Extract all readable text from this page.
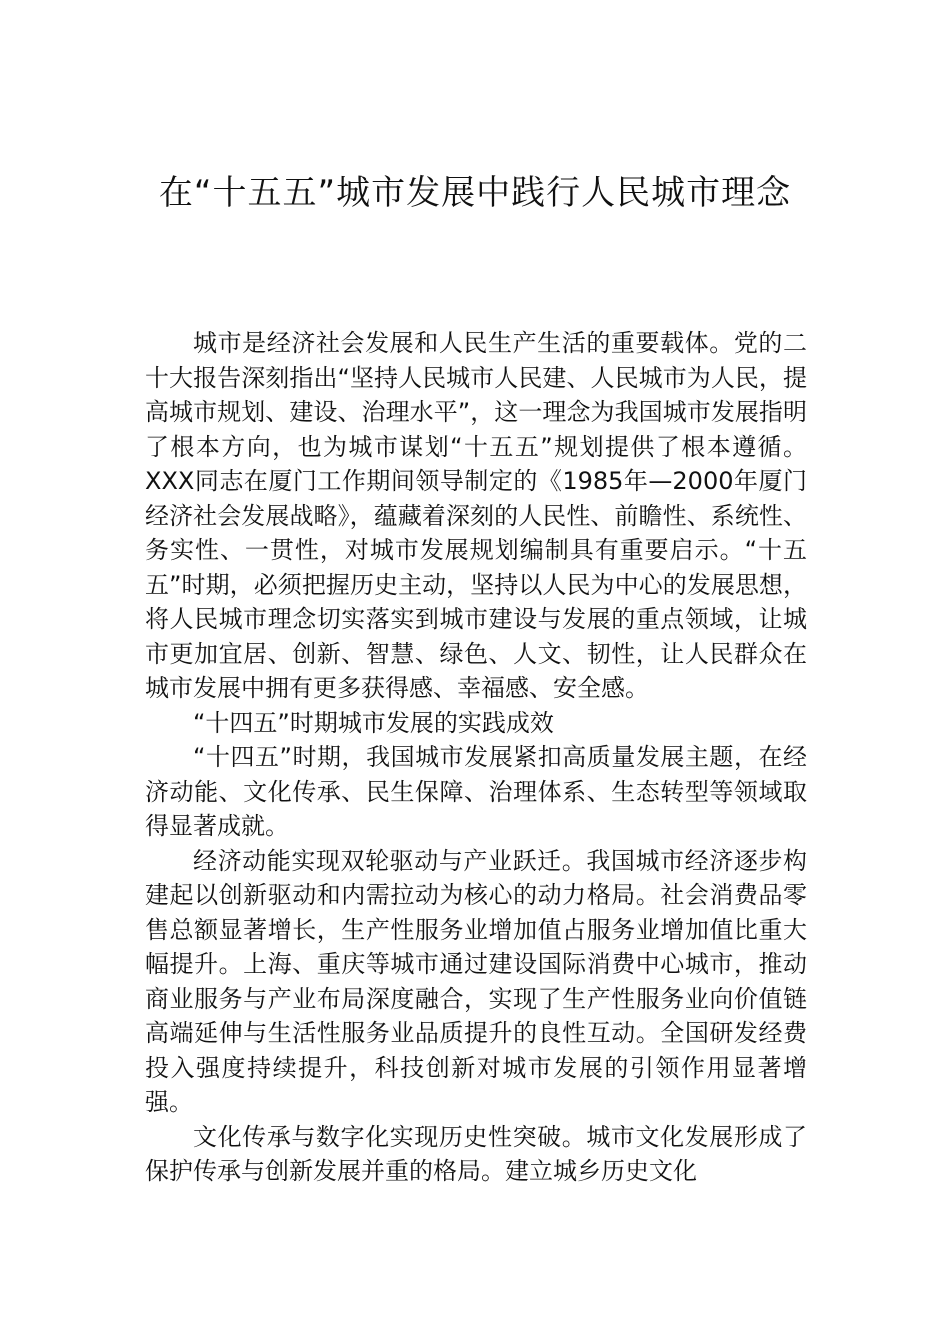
在“十五五”城市发展中践行人民城市理念

城市是经济社会发展和人民生产生活的重要载体。党的二十大报告深刻指出“坚持人民城市人民建、人民城市为人民，提高城市规划、建设、治理水平”，这一理念为我国城市发展指明了根本方向，也为城市谋划“十五五”规划提供了根本遵循。XXX同志在厦门工作期间领导制定的《1985年—2000年厦门经济社会发展战略》，蕴藏着深刻的人民性、前瞻性、系统性、务实性、一贯性，对城市发展规划编制具有重要启示。“十五五”时期，必须把握历史主动，坚持以人民为中心的发展思想，将人民城市理念切实落实到城市建设与发展的重点领域，让城市更加宜居、创新、智慧、绿色、人文、韧性，让人民群众在城市发展中拥有更多获得感、幸福感、安全感。

“十四五”时期城市发展的实践成效

“十四五”时期，我国城市发展紧扣高质量发展主题，在经济动能、文化传承、民生保障、治理体系、生态转型等领域取得显著成就。

经济动能实现双轮驱动与产业跃迁。我国城市经济逐步构建起以创新驱动和内需拉动为核心的动力格局。社会消费品零售总额显著增长，生产性服务业增加值占服务业增加值比重大幅提升。上海、重庆等城市通过建设国际消费中心城市，推动商业服务与产业布局深度融合，实现了生产性服务业向价值链高端延伸与生活性服务业品质提升的良性互动。全国研发经费投入强度持续提升，科技创新对城市发展的引领作用显著增强。

文化传承与数字化实现历史性突破。城市文化发展形成了保护传承与创新发展并重的格局。建立城乡历史文化
